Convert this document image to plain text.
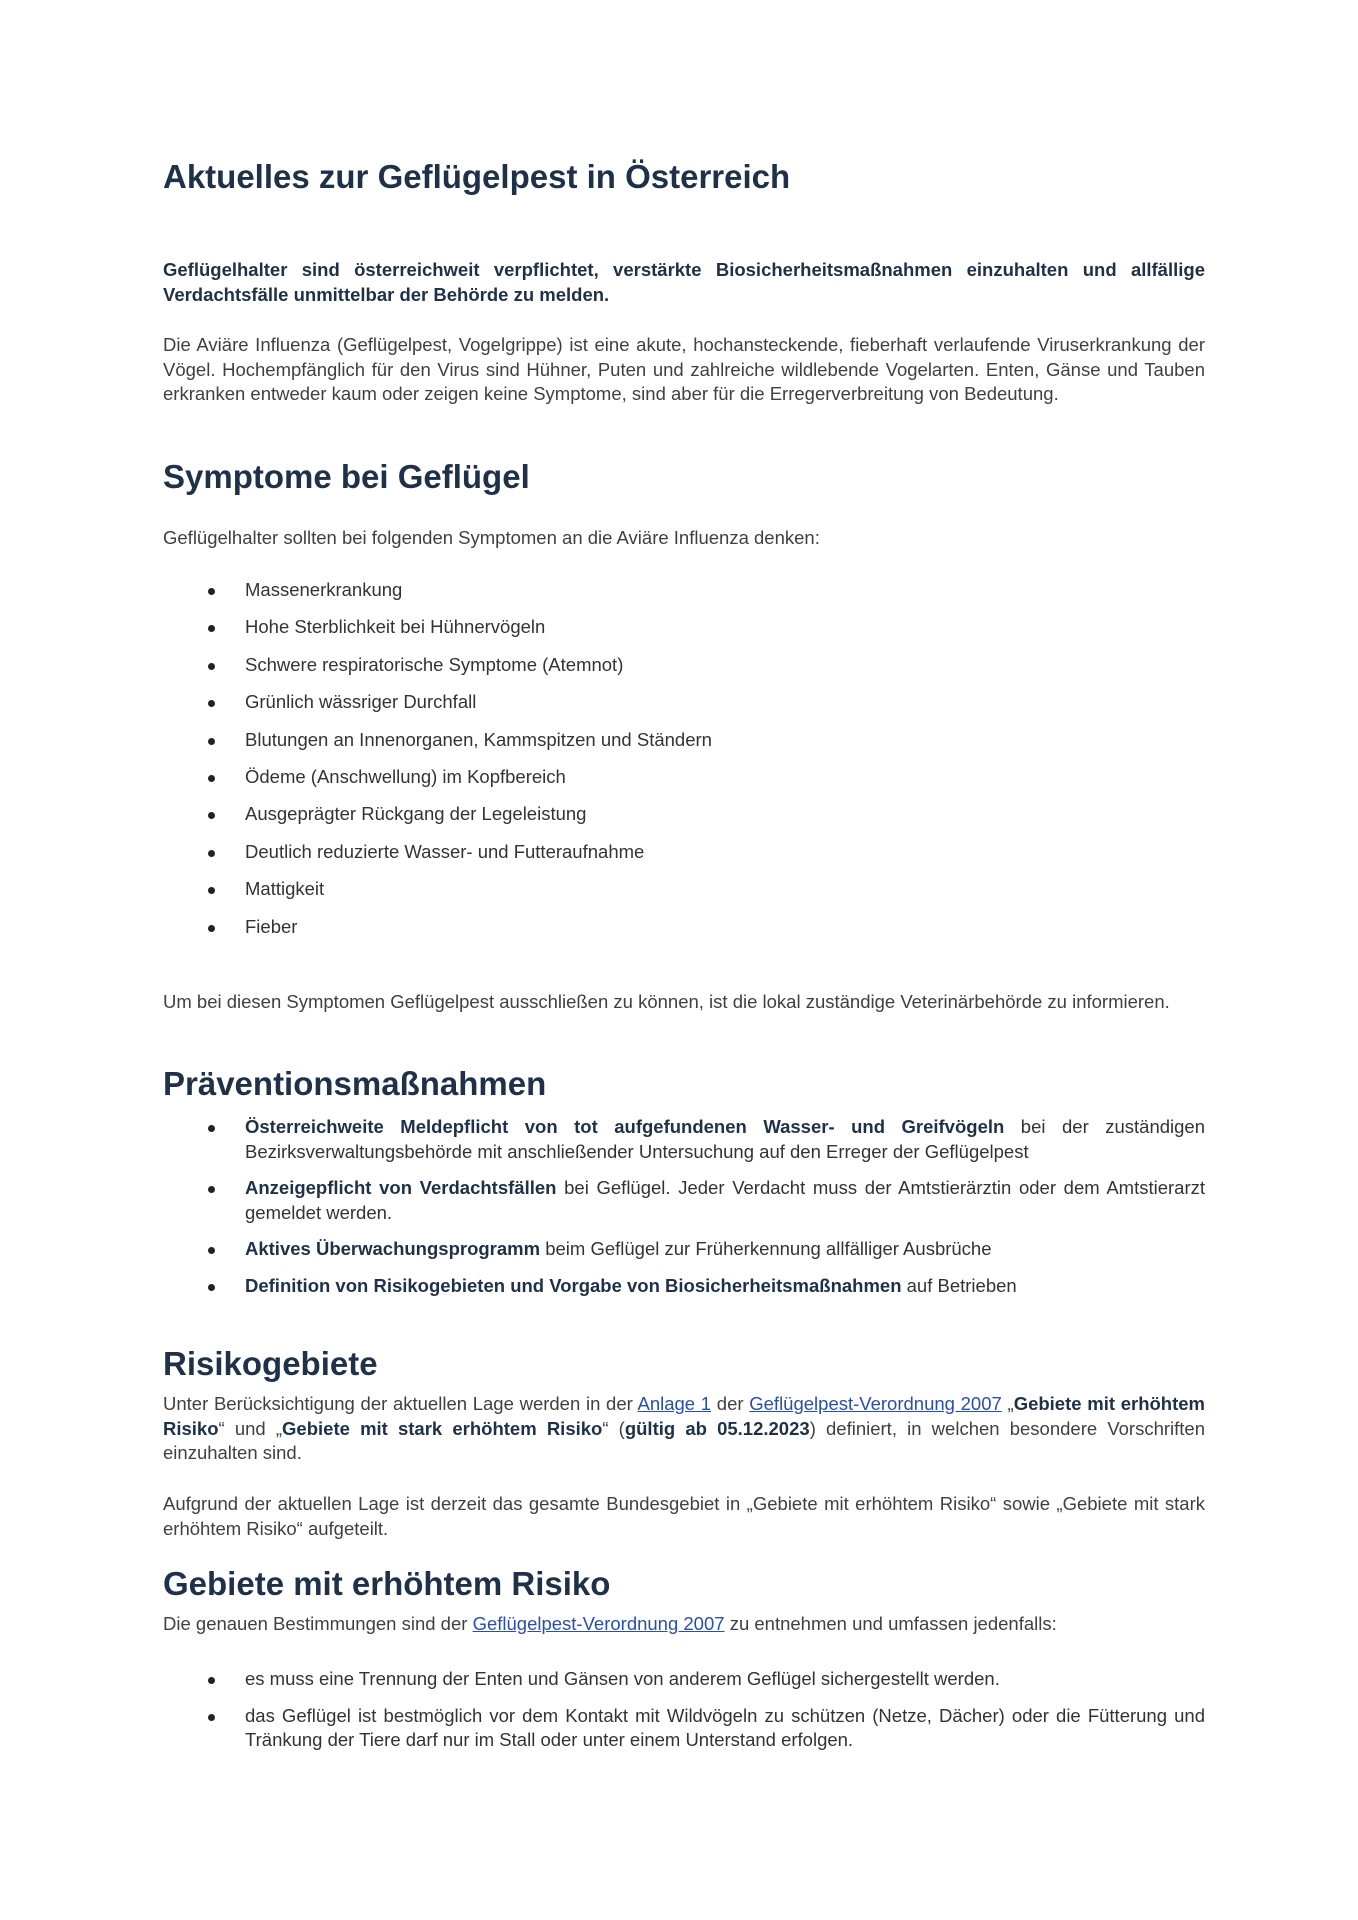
Aktuelles zur Geflügelpest in Österreich

Geflügelhalter sind österreichweit verpflichtet, verstärkte Biosicherheitsmaßnahmen einzuhalten und allfällige Verdachtsfälle unmittelbar der Behörde zu melden.

Die Aviäre Influenza (Geflügelpest, Vogelgrippe) ist eine akute, hochansteckende, fieberhaft verlaufende Viruserkrankung der Vögel. Hochempfänglich für den Virus sind Hühner, Puten und zahlreiche wildlebende Vogelarten. Enten, Gänse und Tauben erkranken entweder kaum oder zeigen keine Symptome, sind aber für die Erregerverbreitung von Bedeutung.

Symptome bei Geflügel

Geflügelhalter sollten bei folgenden Symptomen an die Aviäre Influenza denken:

Massenerkrankung
Hohe Sterblichkeit bei Hühnervögeln
Schwere respiratorische Symptome (Atemnot)
Grünlich wässriger Durchfall
Blutungen an Innenorganen, Kammspitzen und Ständern
Ödeme (Anschwellung) im Kopfbereich
Ausgeprägter Rückgang der Legeleistung
Deutlich reduzierte Wasser- und Futteraufnahme
Mattigkeit
Fieber

Um bei diesen Symptomen Geflügelpest ausschließen zu können, ist die lokal zuständige Veterinärbehörde zu informieren.

Präventionsmaßnahmen
Österreichweite Meldepflicht von tot aufgefundenen Wasser- und Greifvögeln bei der zuständigen Bezirksverwaltungsbehörde mit anschließender Untersuchung auf den Erreger der Geflügelpest
Anzeigepflicht von Verdachtsfällen bei Geflügel. Jeder Verdacht muss der Amtstierärztin oder dem Amtstierarzt gemeldet werden.
Aktives Überwachungsprogramm beim Geflügel zur Früherkennung allfälliger Ausbrüche
Definition von Risikogebieten und Vorgabe von Biosicherheitsmaßnahmen auf Betrieben
Risikogebiete

Unter Berücksichtigung der aktuellen Lage werden in der Anlage 1 der Geflügelpest-Verordnung 2007 „Gebiete mit erhöhtem Risiko“ und „Gebiete mit stark erhöhtem Risiko“ (gültig ab 05.12.2023) definiert, in welchen besondere Vorschriften einzuhalten sind.

Aufgrund der aktuellen Lage ist derzeit das gesamte Bundesgebiet in „Gebiete mit erhöhtem Risiko“ sowie „Gebiete mit stark erhöhtem Risiko“ aufgeteilt.

Gebiete mit erhöhtem Risiko

Die genauen Bestimmungen sind der Geflügelpest-Verordnung 2007 zu entnehmen und umfassen jedenfalls:

es muss eine Trennung der Enten und Gänsen von anderem Geflügel sichergestellt werden.
das Geflügel ist bestmöglich vor dem Kontakt mit Wildvögeln zu schützen (Netze, Dächer) oder die Fütterung und Tränkung der Tiere darf nur im Stall oder unter einem Unterstand erfolgen.
